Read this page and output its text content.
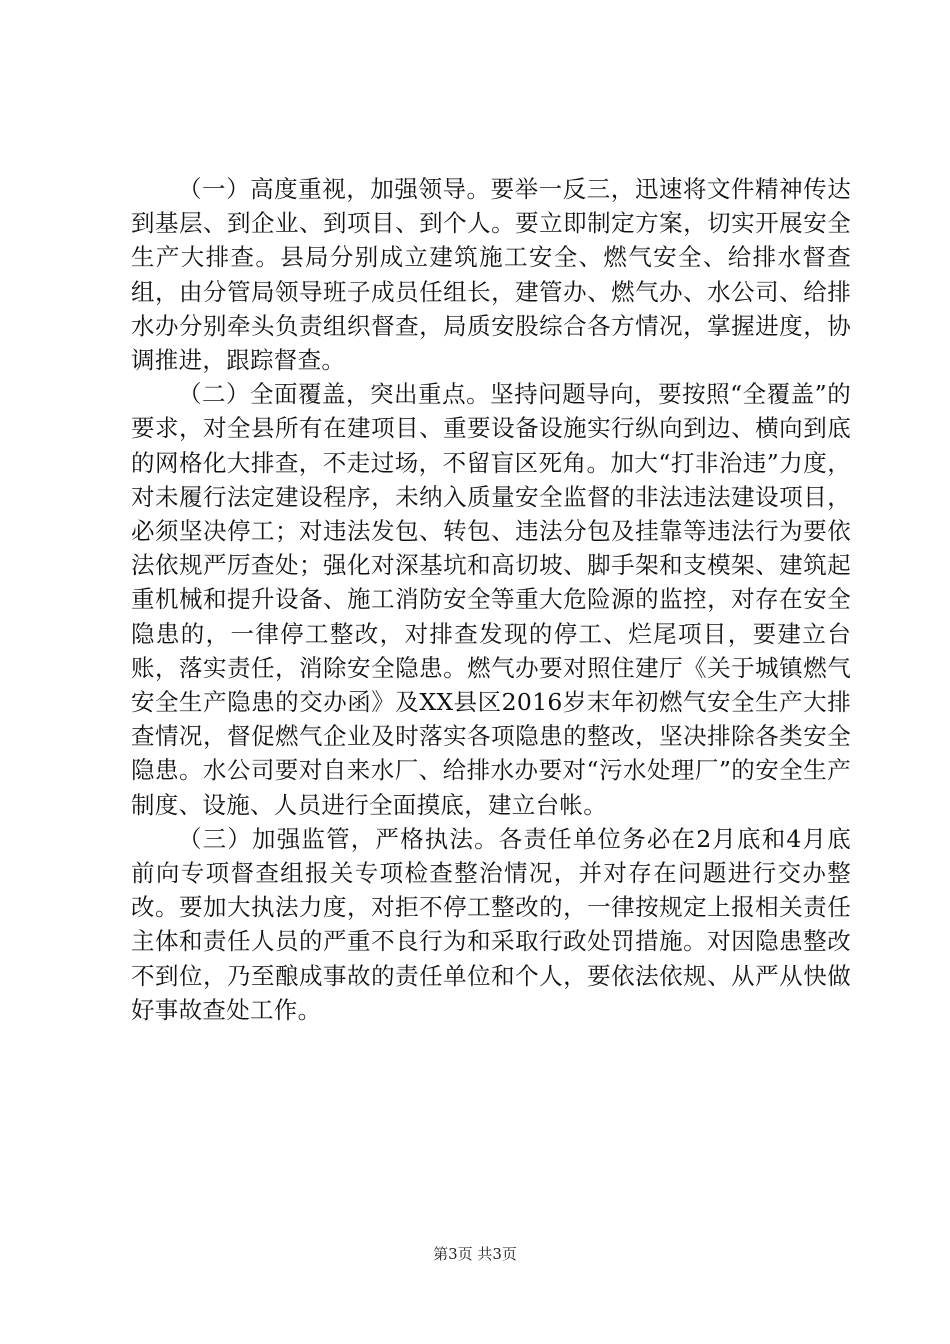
（一）高度重视，加强领导。要举一反三，迅速将文件精神传达到基层、到企业、到项目、到个人。要立即制定方案，切实开展安全生产大排查。县局分别成立建筑施工安全、燃气安全、给排水督查组，由分管局领导班子成员任组长，建管办、燃气办、水公司、给排水办分别牵头负责组织督查，局质安股综合各方情况，掌握进度，协调推进，跟踪督查。

（二）全面覆盖，突出重点。坚持问题导向，要按照“全覆盖”的要求，对全县所有在建项目、重要设备设施实行纵向到边、横向到底的网格化大排查，不走过场，不留盲区死角。加大“打非治违”力度，对未履行法定建设程序，未纳入质量安全监督的非法违法建设项目，必须坚决停工；对违法发包、转包、违法分包及挂靠等违法行为要依法依规严厉查处；强化对深基坑和高切坡、脚手架和支模架、建筑起重机械和提升设备、施工消防安全等重大危险源的监控，对存在安全隐患的，一律停工整改，对排查发现的停工、烂尾项目，要建立台账，落实责任，消除安全隐患。燃气办要对照住建厅《关于城镇燃气安全生产隐患的交办函》及XX县区2016岁末年初燃气安全生产大排查情况，督促燃气企业及时落实各项隐患的整改，坚决排除各类安全隐患。水公司要对自来水厂、给排水办要对“污水处理厂”的安全生产制度、设施、人员进行全面摸底，建立台帐。

（三）加强监管，严格执法。各责任单位务必在2月底和4月底前向专项督查组报关专项检查整治情况，并对存在问题进行交办整改。要加大执法力度，对拒不停工整改的，一律按规定上报相关责任主体和责任人员的严重不良行为和采取行政处罚措施。对因隐患整改不到位，乃至酿成事故的责任单位和个人，要依法依规、从严从快做好事故查处工作。

第3页 共3页
